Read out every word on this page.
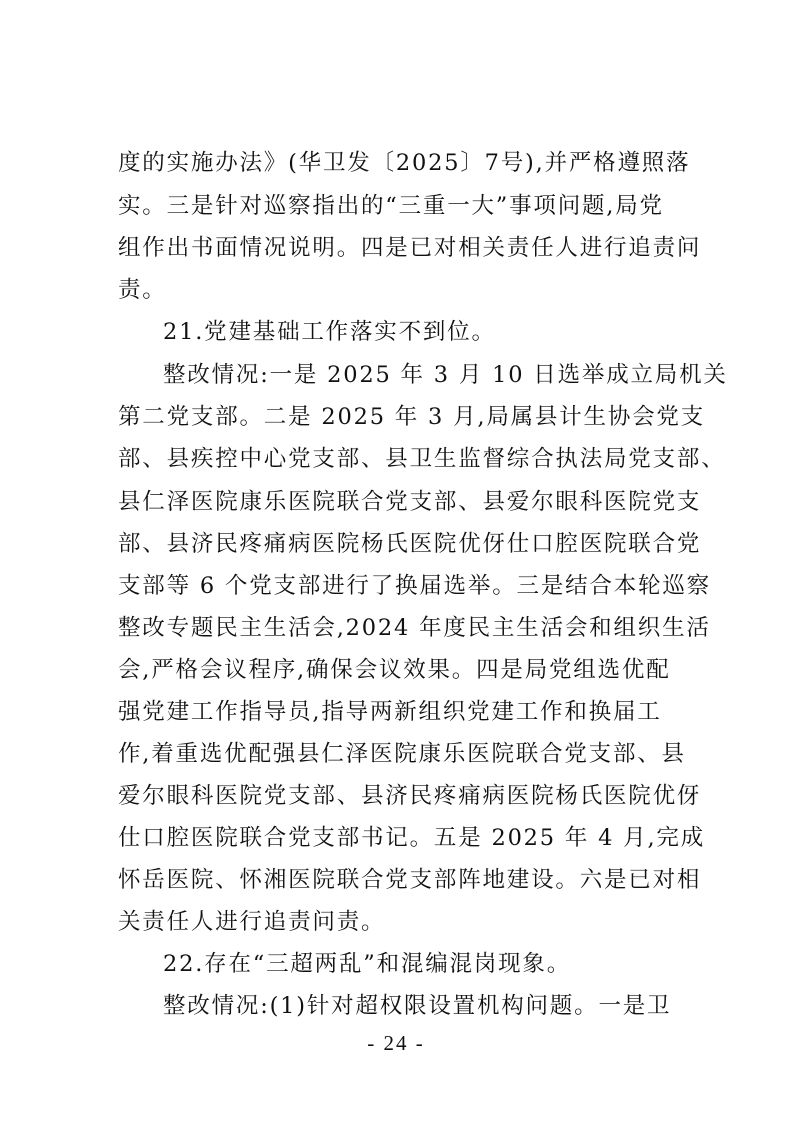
度的实施办法》(华卫发〔2025〕7号),并严格遵照落
实。三是针对巡察指出的“三重一大”事项问题,局党
组作出书面情况说明。四是已对相关责任人进行追责问
责。
21.党建基础工作落实不到位。
整改情况:一是 2025 年 3 月 10 日选举成立局机关
第二党支部。二是 2025 年 3 月,局属县计生协会党支
部、县疾控中心党支部、县卫生监督综合执法局党支部、
县仁泽医院康乐医院联合党支部、县爱尔眼科医院党支
部、县济民疼痛病医院杨氏医院优伢仕口腔医院联合党
支部等 6 个党支部进行了换届选举。三是结合本轮巡察
整改专题民主生活会,2024 年度民主生活会和组织生活
会,严格会议程序,确保会议效果。四是局党组选优配
强党建工作指导员,指导两新组织党建工作和换届工
作,着重选优配强县仁泽医院康乐医院联合党支部、县
爱尔眼科医院党支部、县济民疼痛病医院杨氏医院优伢
仕口腔医院联合党支部书记。五是 2025 年 4 月,完成
怀岳医院、怀湘医院联合党支部阵地建设。六是已对相
关责任人进行追责问责。
22.存在“三超两乱”和混编混岗现象。
整改情况:(1)针对超权限设置机构问题。一是卫
- 24 -
